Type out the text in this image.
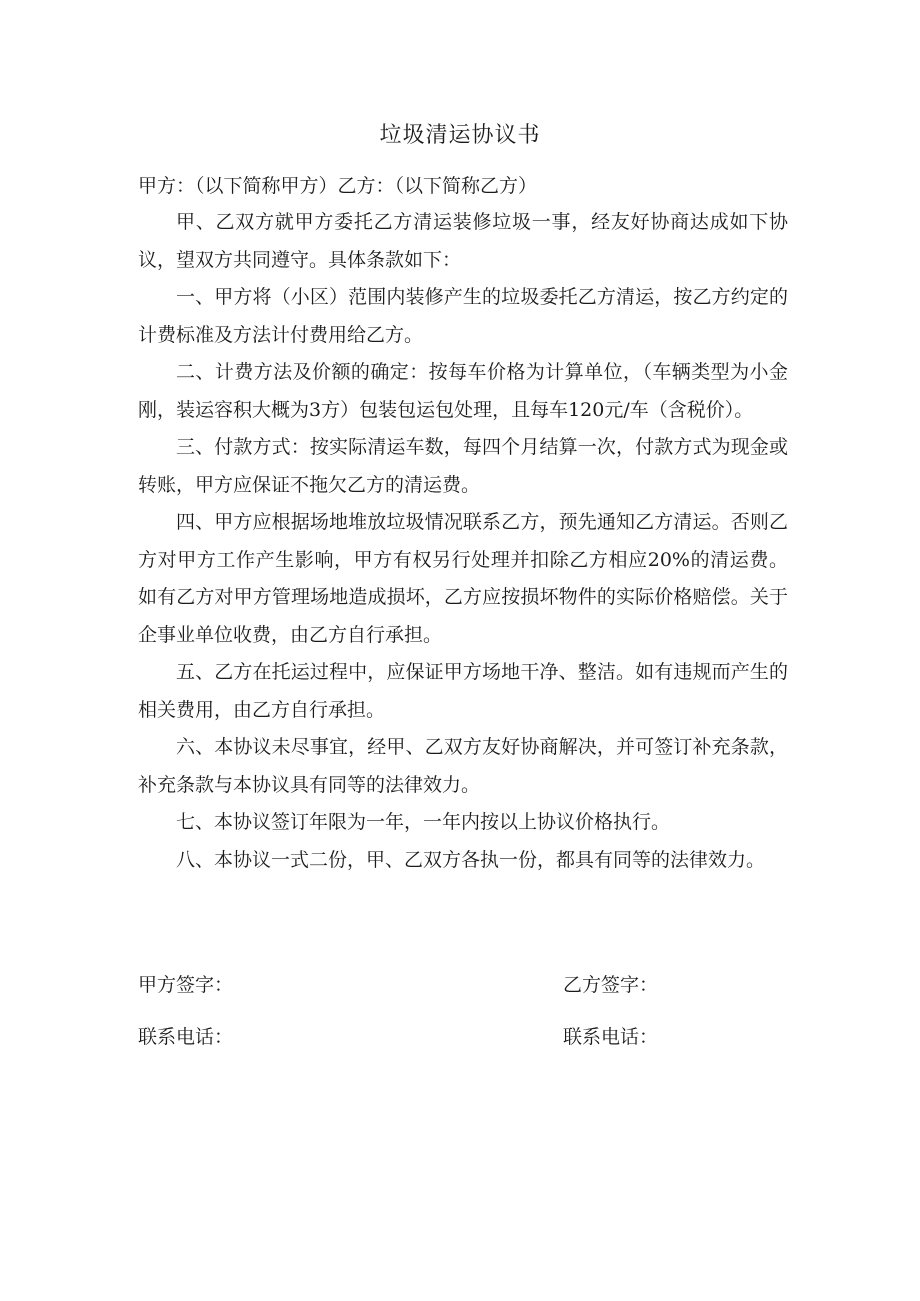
垃圾清运协议书
甲方：（以下简称甲方）乙方：（以下简称乙方）

甲、乙双方就甲方委托乙方清运装修垃圾一事，经友好协商达成如下协议，望双方共同遵守。具体条款如下：

一、甲方将（小区）范围内装修产生的垃圾委托乙方清运，按乙方约定的计费标准及方法计付费用给乙方。

二、计费方法及价额的确定：按每车价格为计算单位，（车辆类型为小金刚，装运容积大概为3方）包装包运包处理，且每车120元/车（含税价）。

三、付款方式：按实际清运车数，每四个月结算一次，付款方式为现金或转账，甲方应保证不拖欠乙方的清运费。

四、甲方应根据场地堆放垃圾情况联系乙方，预先通知乙方清运。否则乙方对甲方工作产生影响，甲方有权另行处理并扣除乙方相应20%的清运费。如有乙方对甲方管理场地造成损坏，乙方应按损坏物件的实际价格赔偿。关于企事业单位收费，由乙方自行承担。

五、乙方在托运过程中，应保证甲方场地干净、整洁。如有违规而产生的相关费用，由乙方自行承担。

六、本协议未尽事宜，经甲、乙双方友好协商解决，并可签订补充条款，补充条款与本协议具有同等的法律效力。

七、本协议签订年限为一年，一年内按以上协议价格执行。

八、本协议一式二份，甲、乙双方各执一份，都具有同等的法律效力。

甲方签字：	乙方签字：
联系电话：	联系电话：
